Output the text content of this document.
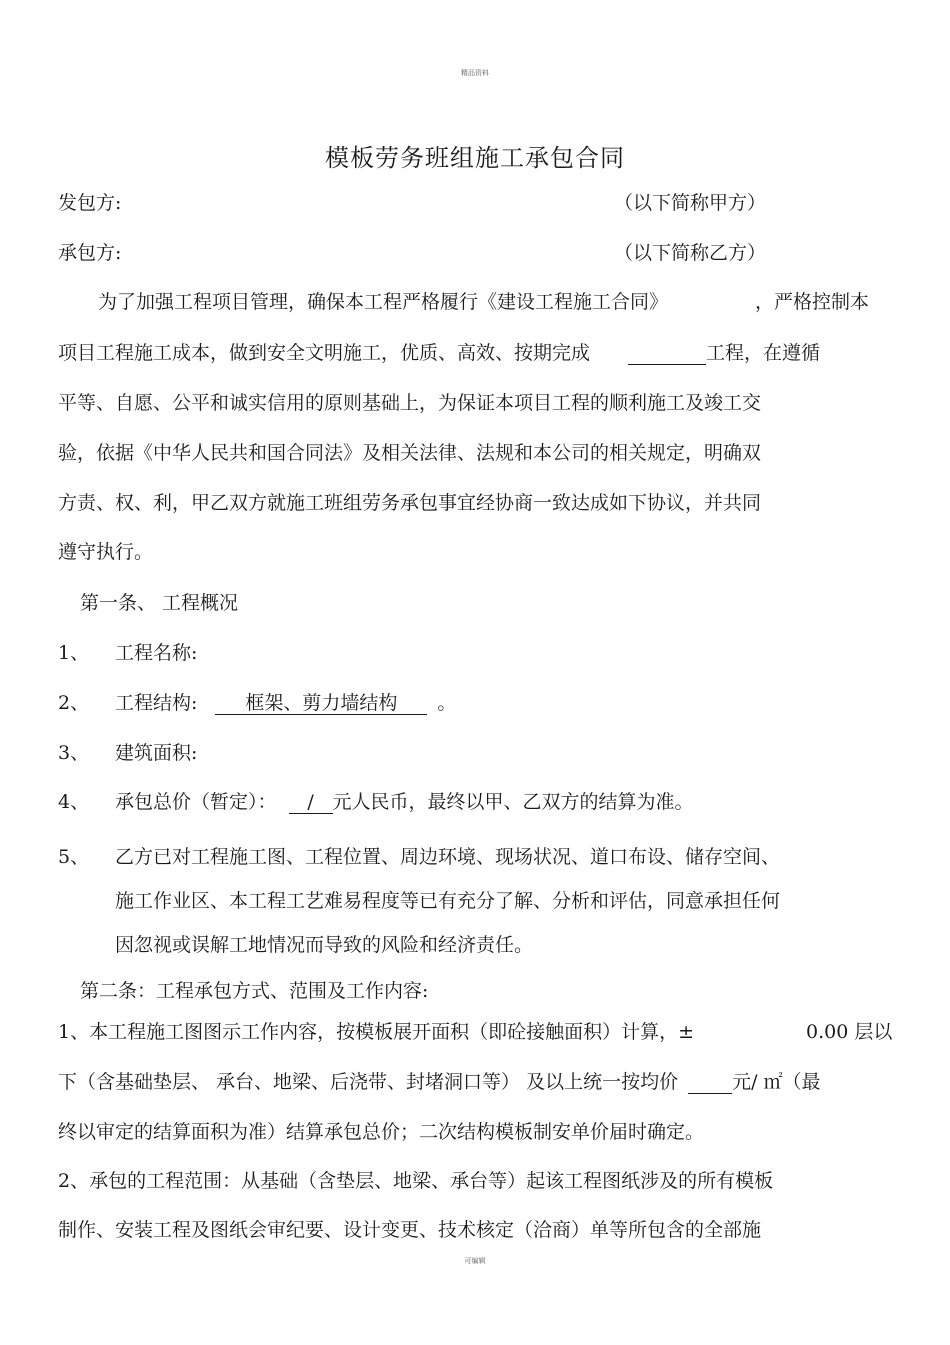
精品资料
模板劳务班组施工承包合同
发包方:	（以下简称甲方）
承包方:	（以下简称乙方）
为了加强工程项目管理，确保本工程严格履行《建设工程施工合同》	，严格控制本
项目工程施工成本，做到安全文明施工，优质、高效、按期完成	工程，在遵循
平等、自愿、公平和诚实信用的原则基础上，为保证本项目工程的顺利施工及竣工交
验，依据《中华人民共和国合同法》及相关法律、法规和本公司的相关规定，明确双
方责、权、利，甲乙双方就施工班组劳务承包事宜经协商一致达成如下协议，并共同
遵守执行。
第一条、 工程概况
1、 工程名称:
2、 工程结构:	框架、剪力墙结构 。
3、 建筑面积:
4、 承包总价（暂定）： / 元人民币，最终以甲、乙双方的结算为准。
5、 乙方已对工程施工图、工程位置、周边环境、现场状况、道口布设、储存空间、
施工作业区、本工程工艺难易程度等已有充分了解、分析和评估，同意承担任何
因忽视或误解工地情况而导致的风险和经济责任。
第二条：工程承包方式、范围及工作内容:
1、本工程施工图图示工作内容，按模板展开面积（即砼接触面积）计算，±	0.00 层以
下（含基础垫层、 承台、地梁、后浇带、封堵洞口等） 及以上统一按均价	元/ ㎡（最
终以审定的结算面积为准）结算承包总价；二次结构模板制安单价届时确定。
2、承包的工程范围：从基础（含垫层、地梁、承台等）起该工程图纸涉及的所有模板
制作、安装工程及图纸会审纪要、设计变更、技术核定（洽商）单等所包含的全部施
可编辑
